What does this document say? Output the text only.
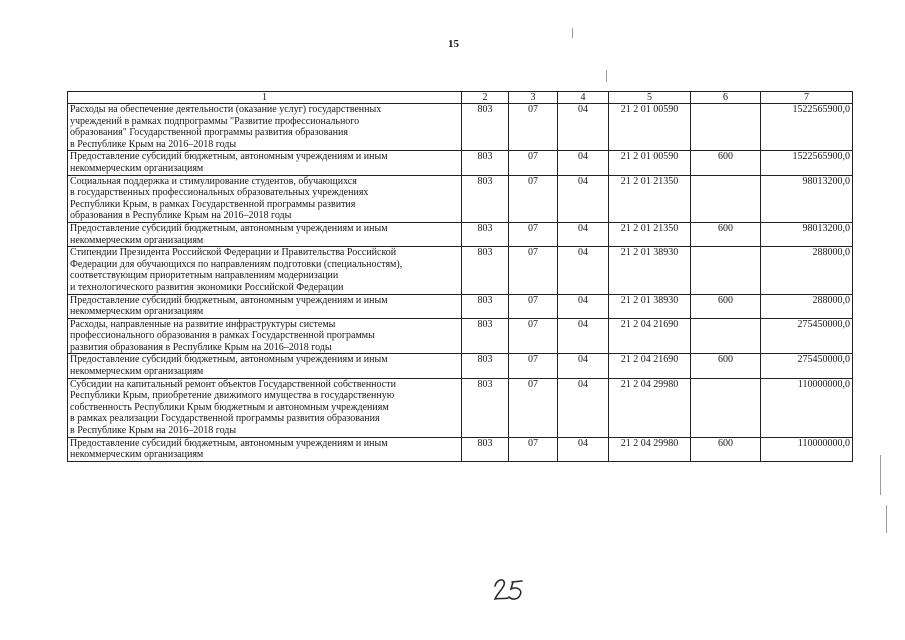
15
1	2	3	4	5	6	7
Расходы на обеспечение деятельности (оказание услуг) государственных
учреждений в рамках подпрограммы "Развитие профессионального
образования" Государственной программы развития образования
в Республике Крым на 2016–2018 годы	803	07	04	21 2 01 00590		1522565900,0
Предоставление субсидий бюджетным, автономным учреждениям и иным
некоммерческим организациям	803	07	04	21 2 01 00590	600	1522565900,0
Социальная поддержка и стимулирование студентов, обучающихся
в государственных профессиональных образовательных учреждениях
Республики Крым, в рамках Государственной программы развития
образования в Республике Крым на 2016–2018 годы	803	07	04	21 2 01 21350		98013200,0
Предоставление субсидий бюджетным, автономным учреждениям и иным
некоммерческим организациям	803	07	04	21 2 01 21350	600	98013200,0
Стипендии Президента Российской Федерации и Правительства Российской
Федерации для обучающихся по направлениям подготовки (специальностям),
соответствующим приоритетным направлениям модернизации
и технологического развития экономики Российской Федерации	803	07	04	21 2 01 38930		288000,0
Предоставление субсидий бюджетным, автономным учреждениям и иным
некоммерческим организациям	803	07	04	21 2 01 38930	600	288000,0
Расходы, направленные на развитие инфраструктуры системы
профессионального образования в рамках Государственной программы
развития образования в Республике Крым на 2016–2018 годы	803	07	04	21 2 04 21690		275450000,0
Предоставление субсидий бюджетным, автономным учреждениям и иным
некоммерческим организациям	803	07	04	21 2 04 21690	600	275450000,0
Субсидии на капитальный ремонт объектов Государственной собственности
Республики Крым, приобретение движимого имущества в государственную
собственность Республики Крым бюджетным и автономным учреждениям
в рамках реализации Государственной программы развития образования
в Республике Крым на 2016–2018 годы	803	07	04	21 2 04 29980		110000000,0
Предоставление субсидий бюджетным, автономным учреждениям и иным
некоммерческим организациям	803	07	04	21 2 04 29980	600	110000000,0
